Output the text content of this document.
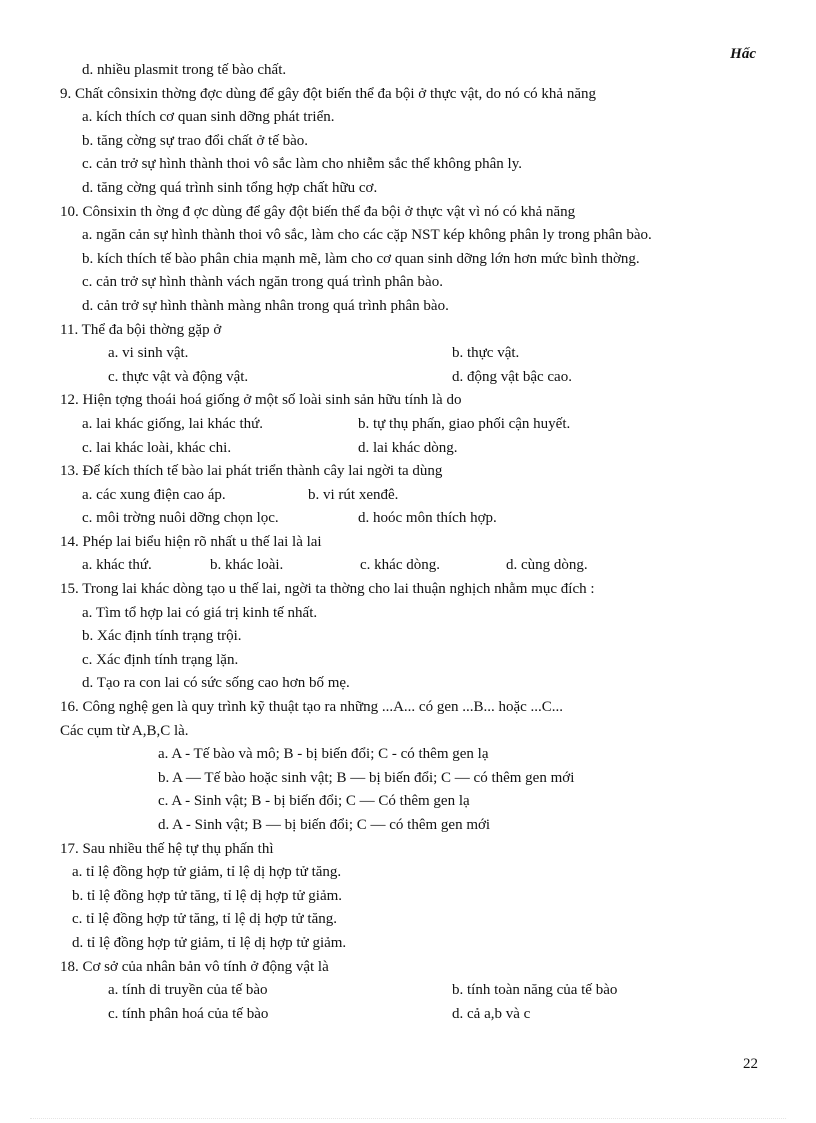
Hấc
d. nhiều plasmit trong tế bào chất.
9. Chất cônsixin thờng đợc dùng để gây đột biến thể đa bội ở thực vật, do nó có khả năng
a. kích thích cơ quan sinh dỡng phát triển.
b. tăng cờng sự trao đổi chất ở tế bào.
c. cản trở sự hình thành thoi vô sắc làm cho nhiễm sắc thể không phân ly.
d. tăng cờng quá trình sinh tổng hợp chất hữu cơ.
10. Cônsixin th ờng đ ợc dùng để gây đột biến thể đa bội ở thực vật vì nó có khả năng
a. ngăn cản sự hình thành thoi vô sắc, làm cho các cặp NST kép không phân ly trong phân bào.
b. kích thích tế bào phân chia mạnh mẽ, làm cho cơ quan sinh dỡng lớn hơn mức bình thờng.
c. cản trở sự hình thành vách ngăn trong quá trình phân bào.
d. cản trở sự hình thành màng nhân trong quá trình phân bào.
11. Thể đa bội thờng gặp ở
a. vi sinh vật.	b. thực vật.
c. thực vật và động vật.	d. động vật bậc cao.
12. Hiện tợng thoái hoá giống ở một số loài sinh sản hữu tính là do
a. lai khác giống, lai khác thứ.	b. tự thụ phấn, giao phối cận huyết.
c. lai khác loài, khác chi.	d. lai khác dòng.
13. Để kích thích tế bào lai phát triển thành cây lai ngời ta dùng
a. các xung điện cao áp.	b. vi rút xenđê.
c. môi trờng nuôi dỡng chọn lọc.	d. hoóc môn thích hợp.
14. Phép lai biểu hiện rõ nhất u thế lai là lai
a. khác thứ.	b. khác loài.	c. khác dòng.	d. cùng dòng.
15. Trong lai khác dòng tạo u thế lai, ngời ta thờng cho lai thuận nghịch nhằm mục đích :
a. Tìm tổ hợp lai có giá trị kinh tế nhất.
b. Xác định tính trạng trội.
c. Xác định tính trạng lặn.
d. Tạo ra con lai có sức sống cao hơn bố mẹ.
16. Công nghệ gen là quy trình kỹ thuật tạo ra những ...A... có gen ...B... hoặc ...C...
Các cụm từ A,B,C là.
a. A - Tế bào và mô; B - bị biến đổi; C - có thêm gen lạ
b. A — Tế bào hoặc sinh vật; B — bị biến đổi; C — có thêm gen mới
c. A - Sinh vật; B - bị biến đổi; C — Có thêm gen lạ
d. A - Sinh vật; B — bị biến đổi; C — có thêm gen mới
17. Sau nhiều thế hệ tự thụ phấn thì
a. tỉ lệ đồng hợp tử giảm, tỉ lệ dị hợp tử tăng.
b. tỉ lệ đồng hợp tử tăng, tỉ lệ dị hợp tử giảm.
c. tỉ lệ đồng hợp tử tăng, tỉ lệ dị hợp tử tăng.
d. tỉ lệ đồng hợp tử giảm, tỉ lệ dị hợp tử giảm.
18. Cơ sở của nhân bản vô tính ở động vật là
a. tính di truyền của tế bào	b. tính toàn năng của tế bào
c. tính phân hoá của tế bào	d. cả a,b và c
22
